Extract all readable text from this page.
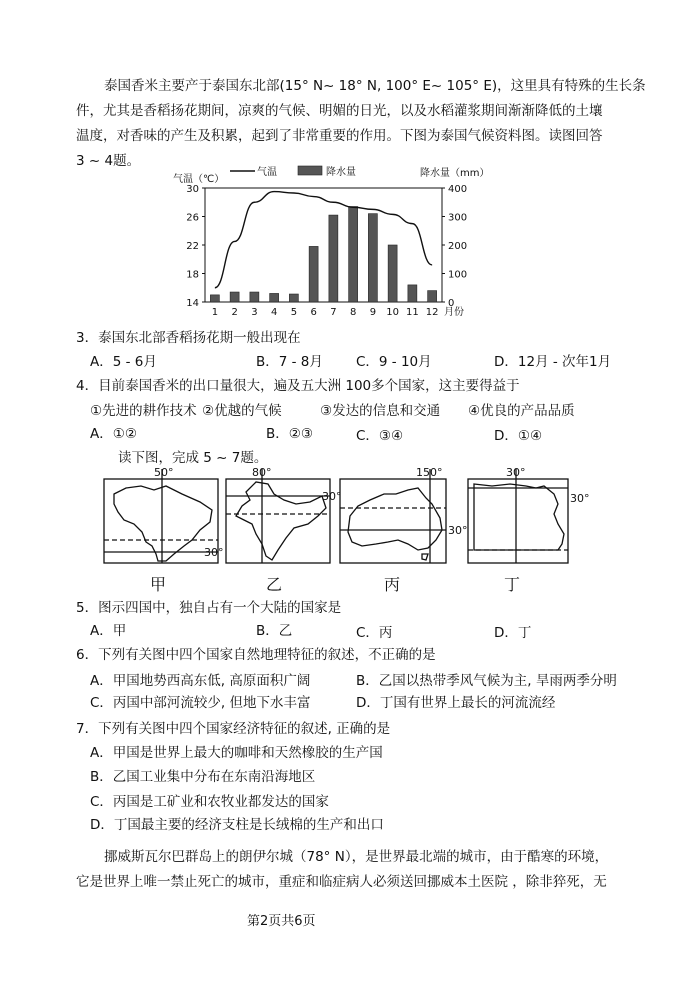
泰国香米主要产于泰国东北部(15° N~ 18° N, 100° E~ 105° E)，这里具有特殊的生长条
件，尤其是香稻扬花期间，凉爽的气候、明媚的日光，以及水稻灌浆期间渐渐降低的土壤
温度，对香味的产生及积累，起到了非常重要的作用。下图为泰国气候资料图。读图回答
3 ~ 4题。
14
18
22
26
30
0
100
200
300
400
1 2 3 4 5 6 7 8 9 10 11 12 月份
气温（℃）
降水量（mm）
气温	降水量
3．泰国东北部香稻扬花期一般出现在
A．5 - 6月	B．7 - 8月 C．9 - 10月	D．12月 - 次年1月
4．目前泰国香米的出口量很大，遍及五大洲 100多个国家，这主要得益于
①先进的耕作技术 ②优越的气候	③发达的信息和交通 ④优良的产品品质
A．①②	B．②③	C．③④	D．①④
读下图，完成 5 ~ 7题。
50°
30°
80°
30°
150°
30°
30°
30°
甲	乙	丙	丁
5．图示四国中，独自占有一个大陆的国家是
A．甲	B．乙	C．丙	D．丁
6．下列有关图中四个国家自然地理特征的叙述，不正确的是
A．甲国地势西高东低, 高原面积广阔	B．乙国以热带季风气候为主, 旱雨两季分明
C．丙国中部河流较少, 但地下水丰富	D．丁国有世界上最长的河流流经
7．下列有关图中四个国家经济特征的叙述, 正确的是
A．甲国是世界上最大的咖啡和天然橡胶的生产国
B．乙国工业集中分布在东南沿海地区
C．丙国是工矿业和农牧业都发达的国家
D．丁国最主要的经济支柱是长绒棉的生产和出口
挪威斯瓦尔巴群岛上的朗伊尔城（78° N），是世界最北端的城市，由于酷寒的环境，
它是世界上唯一禁止死亡的城市，重症和临症病人必须送回挪威本土医院 ，除非猝死，无
第2页共6页
